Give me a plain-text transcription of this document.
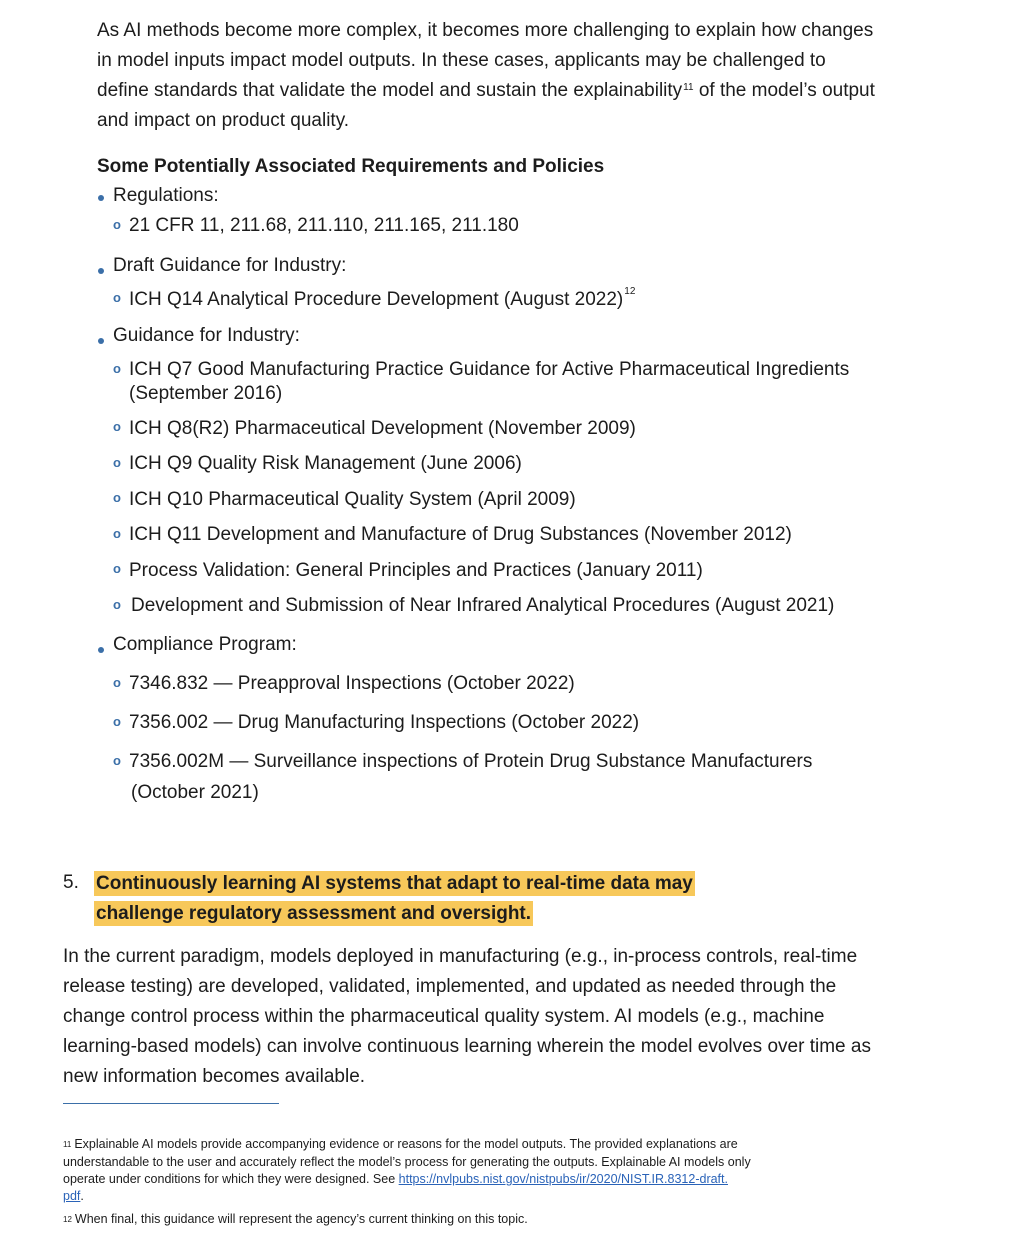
As AI methods become more complex, it becomes more challenging to explain how changes
in model inputs impact model outputs. In these cases, applicants may be challenged to
define standards that validate the model and sustain the explainability$^{11}$ of the model’s output
and impact on product quality.
Some Potentially Associated Requirements and Policies
Regulations:
o 21 CFR 11, 211.68, 211.110, 211.165, 211.180
Draft Guidance for Industry:
o ICH Q14 Analytical Procedure Development (August 2022)$^{12}$
Guidance for Industry:
o ICH Q7 Good Manufacturing Practice Guidance for Active Pharmaceutical Ingredients
(September 2016)
o ICH Q8(R2) Pharmaceutical Development (November 2009)
o ICH Q9 Quality Risk Management (June 2006)
o ICH Q10 Pharmaceutical Quality System (April 2009)
o ICH Q11 Development and Manufacture of Drug Substances (November 2012)
o Process Validation: General Principles and Practices (January 2011)
o Development and Submission of Near Infrared Analytical Procedures (August 2021)
Compliance Program:
o 7346.832 — Preapproval Inspections (October 2022)
o 7356.002 — Drug Manufacturing Inspections (October 2022)
o 7356.002M — Surveillance inspections of Protein Drug Substance Manufacturers
(October 2021)
5. Continuously learning AI systems that adapt to real-time data may
challenge regulatory assessment and oversight.
In the current paradigm, models deployed in manufacturing (e.g., in-process controls, real-time
release testing) are developed, validated, implemented, and updated as needed through the
change control process within the pharmaceutical quality system. AI models (e.g., machine
learning-based models) can involve continuous learning wherein the model evolves over time as
new information becomes available.
$^{11}$ Explainable AI models provide accompanying evidence or reasons for the model outputs. The provided explanations are
understandable to the user and accurately reflect the model’s process for generating the outputs. Explainable AI models only
operate under conditions for which they were designed. See https://nvlpubs.nist.gov/nistpubs/ir/2020/NIST.IR.8312-draft.
pdf.
$^{12}$ When final, this guidance will represent the agency’s current thinking on this topic.
